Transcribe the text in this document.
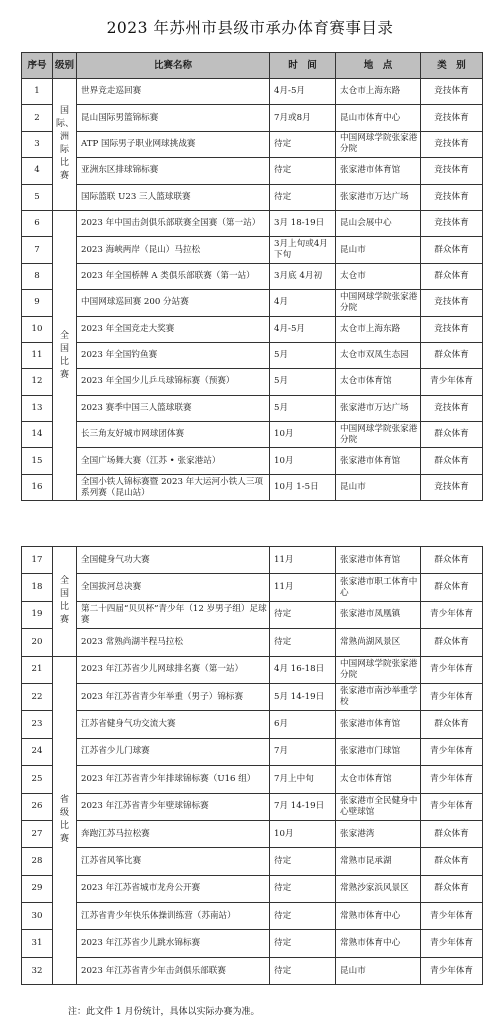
2023 年苏州市县级市承办体育赛事目录
序号	级别	比赛名称	时　间	地　点	类　别
1	国际、洲际比赛	世界竞走巡回赛	4月-5月	太仓市上海东路	竞技体育
2		昆山国际男篮锦标赛	7月或8月	昆山市体育中心	竞技体育
3		ATP 国际男子职业网球挑战赛	待定	中国网球学院张家港分院	竞技体育
4		亚洲东区排球锦标赛	待定	张家港市体育馆	竞技体育
5		国际篮联 U23 三人篮球联赛	待定	张家港市万达广场	竞技体育
6	全国比赛	2023 年中国击剑俱乐部联赛全国赛（第一站）	3月 18-19日	昆山会展中心	竞技体育
7		2023 海峡两岸（昆山）马拉松	3月上旬或4月下旬	昆山市	群众体育
8		2023 年全国桥牌 A 类俱乐部联赛（第一站）	3月底 4月初	太仓市	群众体育
9		中国网球巡回赛 200 分站赛	4月	中国网球学院张家港分院	竞技体育
10		2023 年全国竞走大奖赛	4月-5月	太仓市上海东路	竞技体育
11		2023 年全国钓鱼赛	5月	太仓市双凤生态园	群众体育
12		2023 年全国少儿乒乓球锦标赛（预赛）	5月	太仓市体育馆	青少年体育
13		2023 赛季中国三人篮球联赛	5月	张家港市万达广场	竞技体育
14		长三角友好城市网球团体赛	10月	中国网球学院张家港分院	群众体育
15		全国广场舞大赛（江苏 • 张家港站）	10月	张家港市体育馆	群众体育
16		全国小铁人锦标赛暨 2023 年大运河小铁人三项系列赛（昆山站）	10月 1-5日	昆山市	竞技体育
17	全国比赛	全国健身气功大赛	11月	张家港市体育馆	群众体育
18		全国拔河总决赛	11月	张家港市职工体育中心	群众体育
19		第二十四届“贝贝杯”青少年（12 岁男子组）足球赛	待定	张家港市凤凰镇	青少年体育
20		2023 常熟尚湖半程马拉松	待定	常熟尚湖风景区	群众体育
21	省级比赛	2023 年江苏省少儿网球排名赛（第一站）	4月 16-18日	中国网球学院张家港分院	青少年体育
22		2023 年江苏省青少年举重（男子）锦标赛	5月 14-19日	张家港市南沙举重学校	青少年体育
23		江苏省健身气功交流大赛	6月	张家港市体育馆	群众体育
24		江苏省少儿门球赛	7月	张家港市门球馆	青少年体育
25		2023 年江苏省青少年排球锦标赛（U16 组）	7月上中旬	太仓市体育馆	青少年体育
26		2023 年江苏省青少年壁球锦标赛	7月 14-19日	张家港市全民健身中心壁球馆	青少年体育
27		奔跑江苏马拉松赛	10月	张家港湾	群众体育
28		江苏省风筝比赛	待定	常熟市昆承湖	群众体育
29		2023 年江苏省城市龙舟公开赛	待定	常熟沙家浜风景区	群众体育
30		江苏省青少年快乐体操训练营（苏南站）	待定	常熟市体育中心	青少年体育
31		2023 年江苏省少儿跳水锦标赛	待定	常熟市体育中心	青少年体育
32		2023 年江苏省青少年击剑俱乐部联赛	待定	昆山市	青少年体育
注：此文件 1 月份统计，具体以实际办赛为准。
